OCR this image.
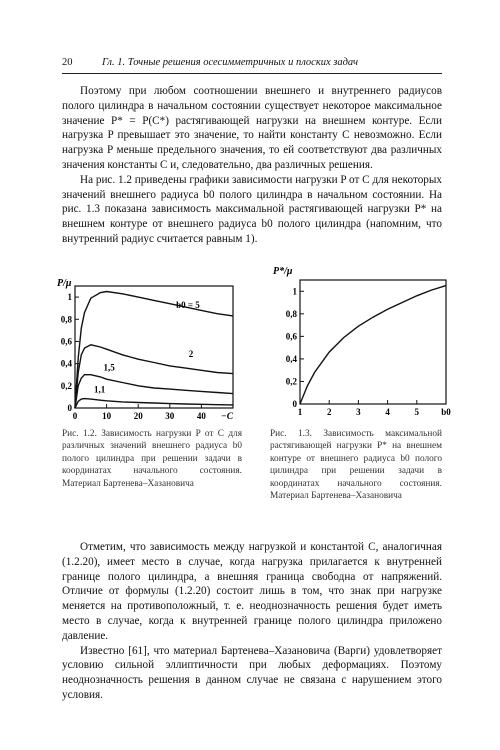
20	Гл. 1. Точные решения осесимметричных и плоских задач

Поэтому при любом соотношении внешнего и внутреннего радиусов полого цилиндра в начальном состоянии существует некоторое максимальное значение P* = P(C*) растягивающей нагрузки на внешнем контуре. Если нагрузка P превышает это значение, то найти константу C невозможно. Если нагрузка P меньше предельного значения, то ей соответствуют два различных значения константы C и, следовательно, два различных решения.

На рис. 1.2 приведены графики зависимости нагрузки P от C для некоторых значений внешнего радиуса b0 полого цилиндра в начальном состоянии. На рис. 1.3 показана зависимость максимальной растягивающей нагрузки P* на внешнем контуре от внешнего радиуса b0 полого цилиндра (напомним, что внутренний радиус считается равным 1).

0
0,2
0,4
0,6
0,8
1
0	10	20	30	40
P/μ
−C
b0 = 5
2
1,5
1,1

Рис. 1.2. Зависимость нагрузки P от C для различных значений внешнего радиуса b0 полого цилиндра при решении задачи в координатах начального состояния. Материал Бартенева–Хазановича

0
0,2
0,4
0,6
0,8
1
1	2	3	4	5 b0
P*/μ

Рис. 1.3. Зависимость максимальной растягивающей нагрузки P* на внешнем контуре от внешнего радиуса b0 полого цилиндра при решении задачи в координатах начального состояния. Материал Бартенева–Хазановича

Отметим, что зависимость между нагрузкой и константой C, аналогичная (1.2.20), имеет место в случае, когда нагрузка прилагается к внутренней границе полого цилиндра, а внешняя граница свободна от напряжений. Отличие от формулы (1.2.20) состоит лишь в том, что знак при нагрузке меняется на противоположный, т. е. неоднозначность решения будет иметь место в случае, когда к внутренней границе полого цилиндра приложено давление.

Известно [61], что материал Бартенева–Хазановича (Варги) удовлетворяет условию сильной эллиптичности при любых деформациях. Поэтому неоднозначность решения в данном случае не связана с нарушением этого условия.
